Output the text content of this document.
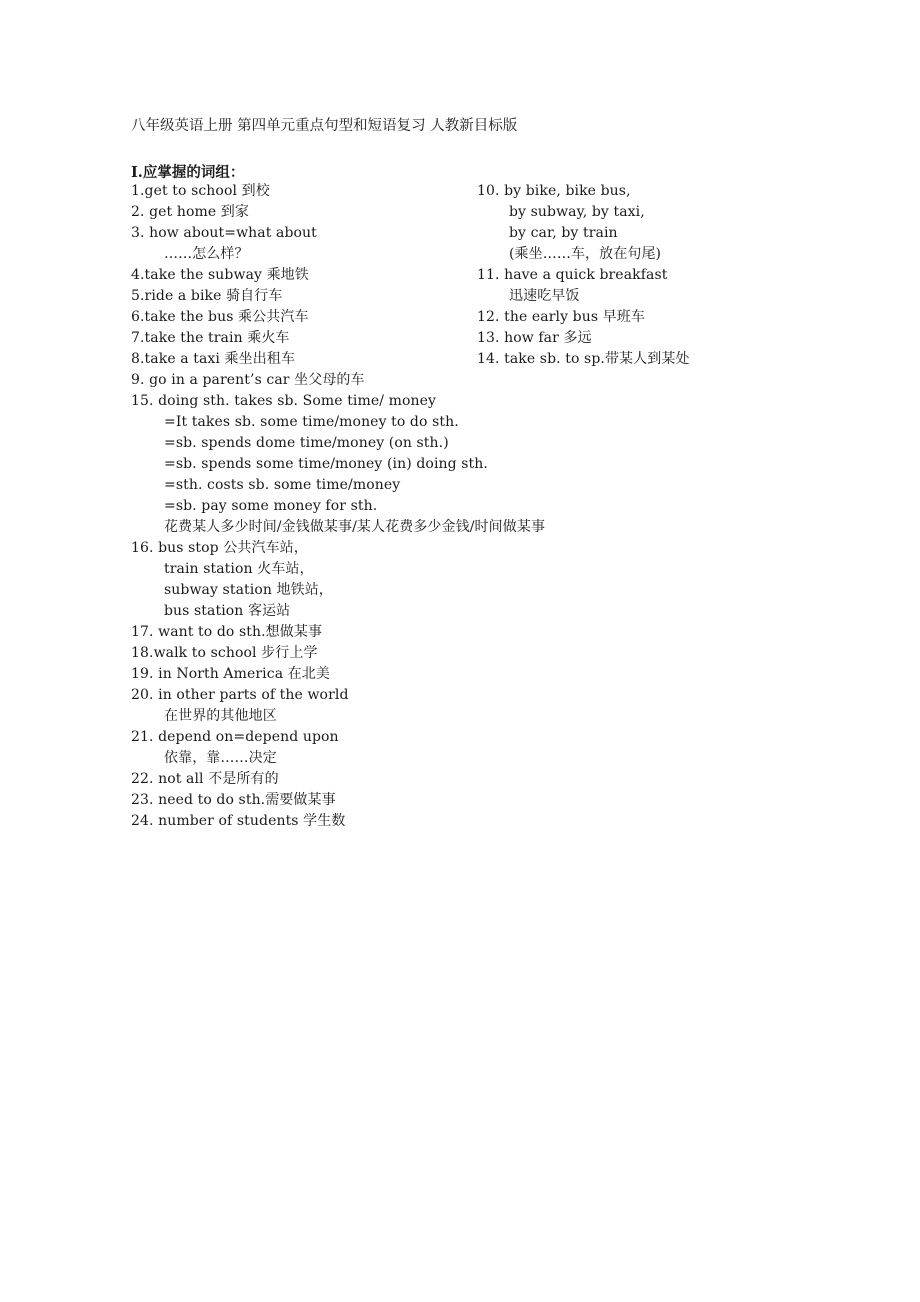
八年级英语上册 第四单元重点句型和短语复习 人教新目标版
I.应掌握的词组：
1.get to school 到校
2. get home 到家
3. how about=what about
……怎么样？
4.take the subway 乘地铁
5.ride a bike 骑自行车
6.take the bus 乘公共汽车
7.take the train 乘火车
8.take a taxi 乘坐出租车
9. go in a parent’s car 坐父母的车
15. doing sth. takes sb. Some time/ money
=It takes sb. some time/money to do sth.
=sb. spends dome time/money (on sth.)
=sb. spends some time/money (in) doing sth.
=sth. costs sb. some time/money
=sb. pay some money for sth.
花费某人多少时间/金钱做某事/某人花费多少金钱/时间做某事
16. bus stop 公共汽车站，
train station 火车站，
subway station 地铁站，
bus station 客运站
17. want to do sth.想做某事
18.walk to school 步行上学
19. in North America 在北美
20. in other parts of the world
在世界的其他地区
21. depend on=depend upon
依靠，靠……决定
22. not all 不是所有的
23. need to do sth.需要做某事
24. number of students 学生数
10. by bike, bike bus,
by subway, by taxi,
by car, by train
(乘坐……车，放在句尾)
11. have a quick breakfast
迅速吃早饭
12. the early bus 早班车
13. how far 多远
14. take sb. to sp.带某人到某处
